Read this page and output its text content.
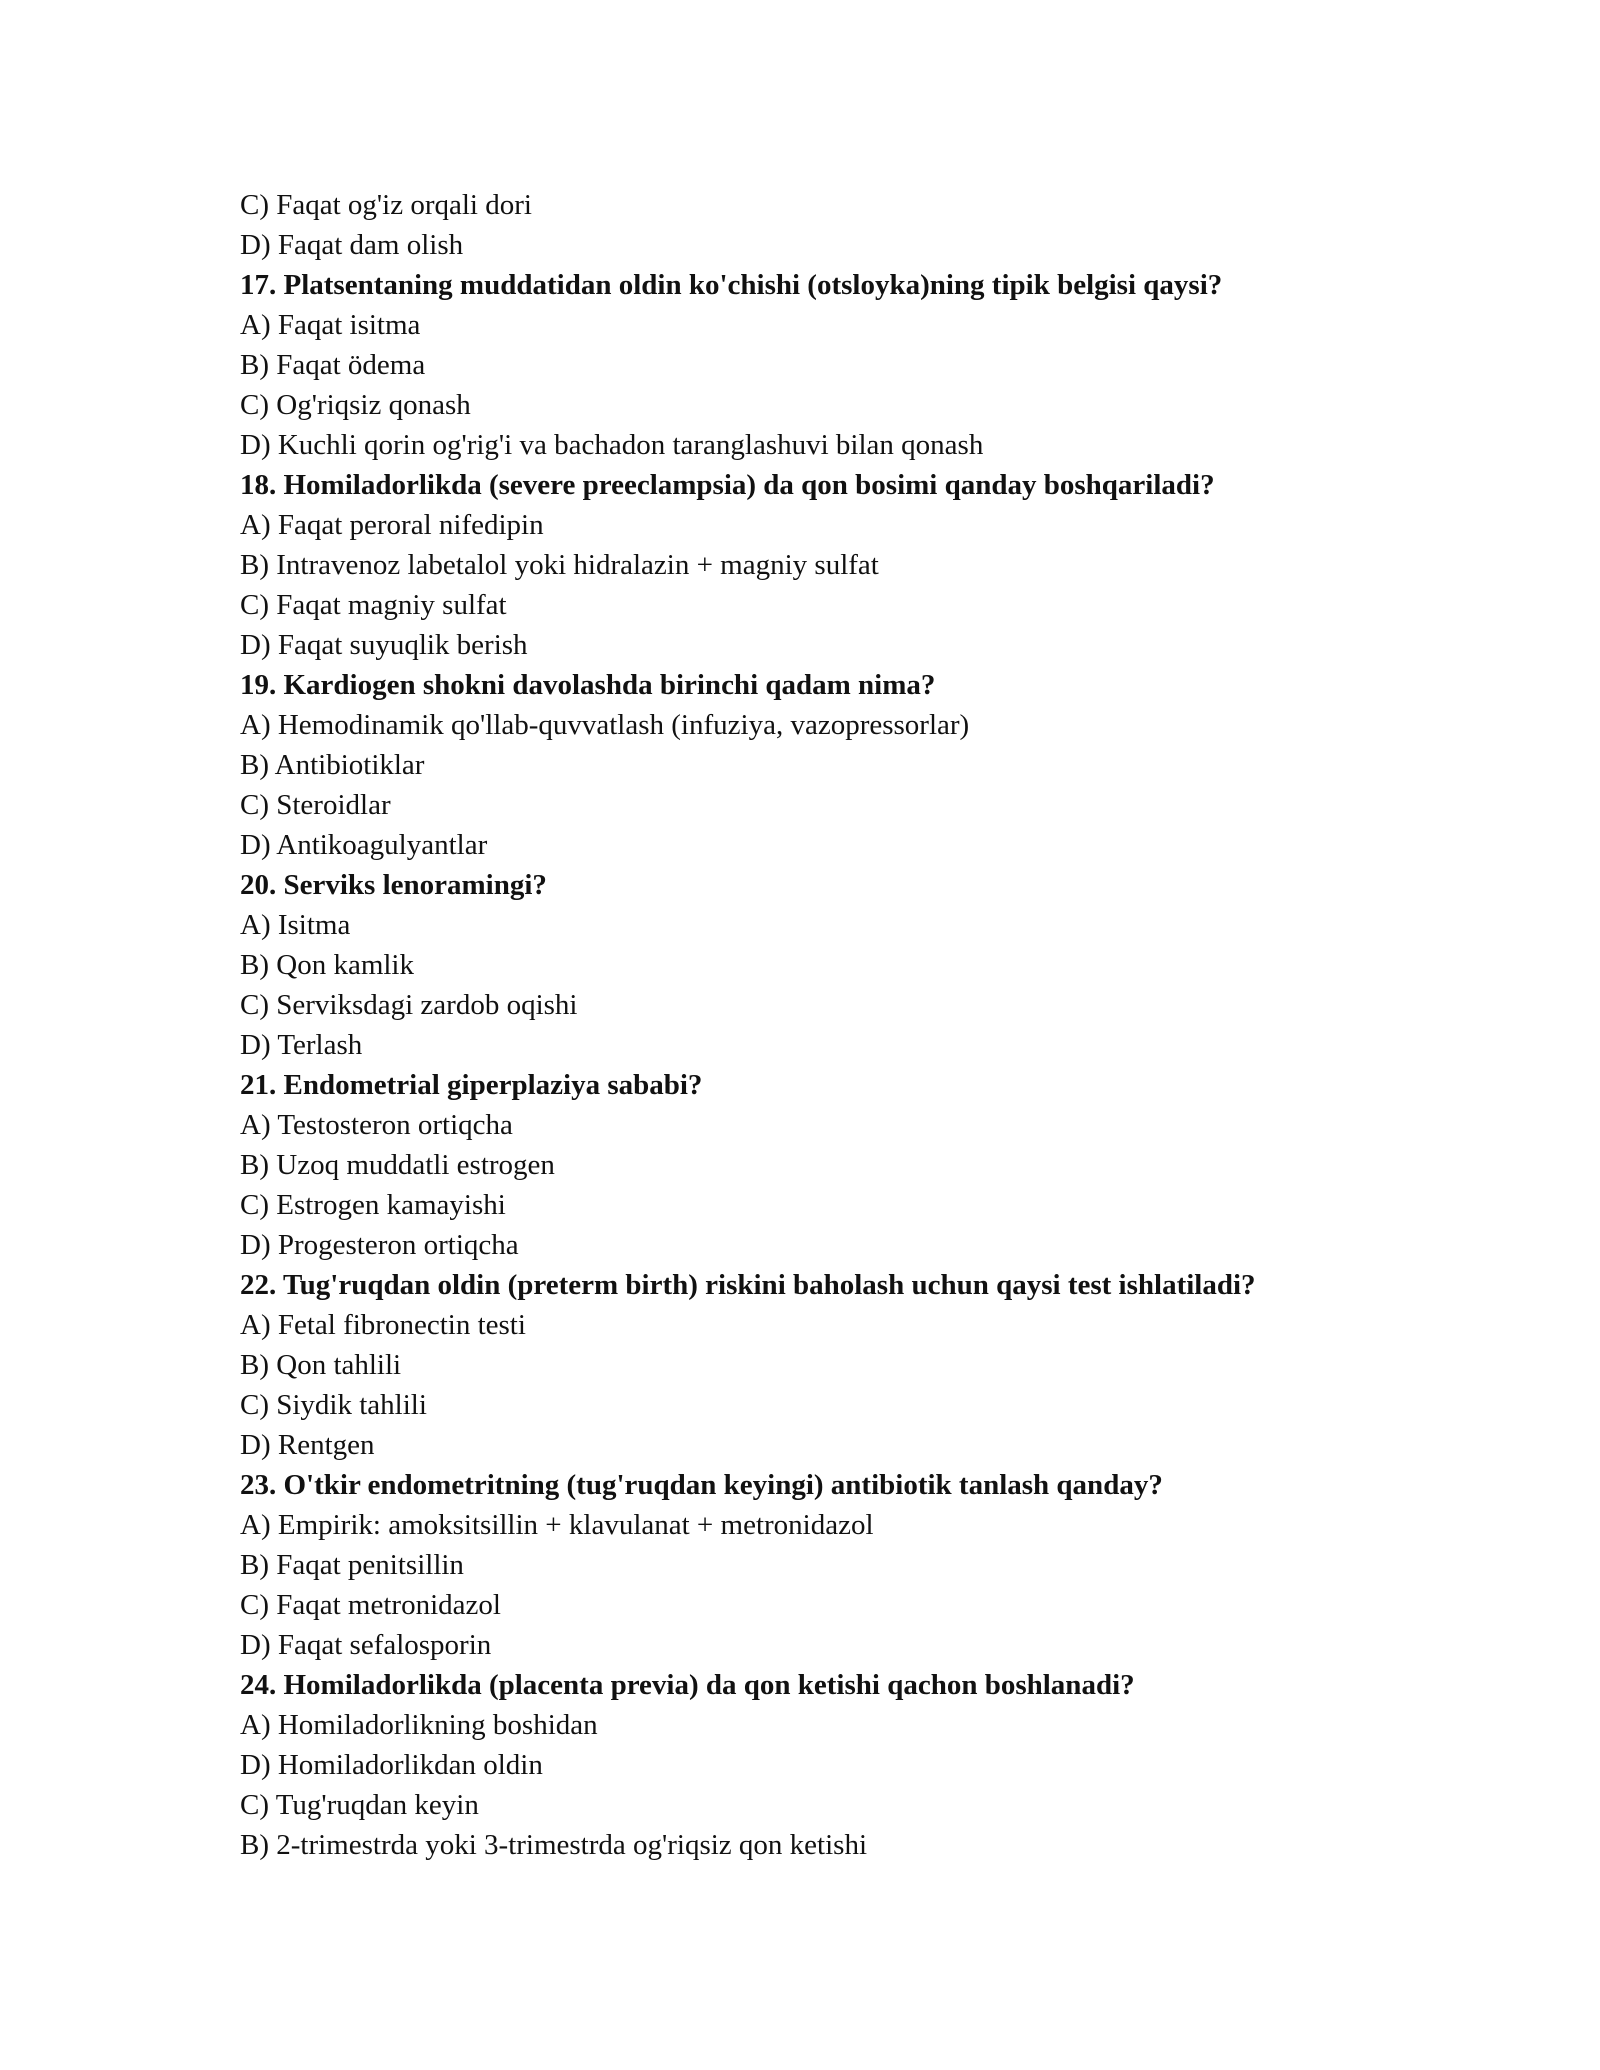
C) Faqat og'iz orqali dori
D) Faqat dam olish
17. Platsentaning muddatidan oldin ko'chishi (otsloyka)ning tipik belgisi qaysi?
A) Faqat isitma
B) Faqat ödema
C) Og'riqsiz qonash
D) Kuchli qorin og'rig'i va bachadon taranglashuvi bilan qonash
18. Homiladorlikda (severe preeclampsia) da qon bosimi qanday boshqariladi?
A) Faqat peroral nifedipin
B) Intravenoz labetalol yoki hidralazin + magniy sulfat
C) Faqat magniy sulfat
D) Faqat suyuqlik berish
19. Kardiogen shokni davolashda birinchi qadam nima?
A) Hemodinamik qo'llab-quvvatlash (infuziya, vazopressorlar)
B) Antibiotiklar
C) Steroidlar
D) Antikoagulyantlar
20. Serviks lenoramingi?
A) Isitma
B) Qon kamlik
C) Serviksdagi zardob oqishi
D) Terlash
21. Endometrial giperplaziya sababi?
A) Testosteron ortiqcha
B) Uzoq muddatli estrogen
C) Estrogen kamayishi
D) Progesteron ortiqcha
22. Tug'ruqdan oldin (preterm birth) riskini baholash uchun qaysi test ishlatiladi?
A) Fetal fibronectin testi
B) Qon tahlili
C) Siydik tahlili
D) Rentgen
23. O'tkir endometritning (tug'ruqdan keyingi) antibiotik tanlash qanday?
A) Empirik: amoksitsillin + klavulanat + metronidazol
B) Faqat penitsillin
C) Faqat metronidazol
D) Faqat sefalosporin
24. Homiladorlikda (placenta previa) da qon ketishi qachon boshlanadi?
A) Homiladorlikning boshidan
D) Homiladorlikdan oldin
C) Tug'ruqdan keyin
B) 2-trimestrda yoki 3-trimestrda og'riqsiz qon ketishi
